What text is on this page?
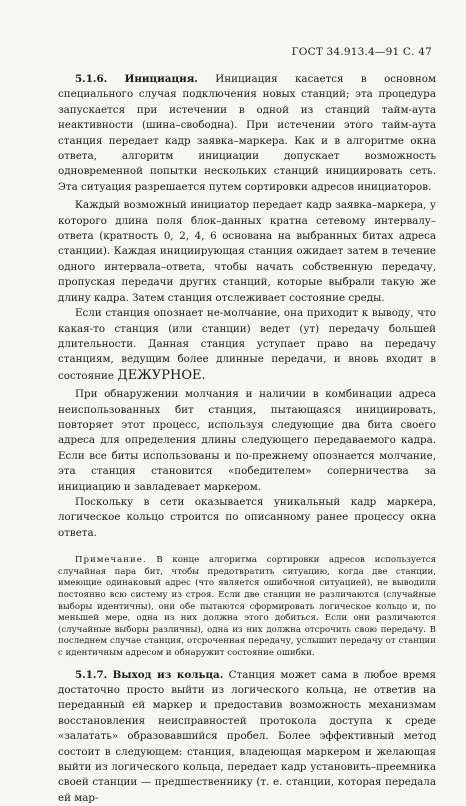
ГОСТ 34.913.4—91 С. 47

5.1.6. Инициация. Инициация касается в основном специального случая подключения новых станций; эта процедура запускается при истечении в одной из станций тайм-аута неактивности (шина–свободна). При истечении этого тайм-аута станция передает кадр заявка–маркера. Как и в алгоритме окна ответа, алгоритм инициации допускает возможность одновременной попытки нескольких станций инициировать сеть. Эта ситуация разрешается путем сортировки адресов инициаторов.

Каждый возможный инициатор передает кадр заявка–маркера, у которого длина поля блок–данных кратна сетевому интервалу–ответа (кратность 0, 2, 4, 6 основана на выбранных битах адреса станции). Каждая инициирующая станция ожидает затем в течение одного интервала–ответа, чтобы начать собственную передачу, пропуская передачи других станций, которые выбрали такую же длину кадра. Затем станция отслеживает состояние среды.

Если станция опознает не-молчание, она приходит к выводу, что какая-то станция (или станции) ведет (ут) передачу большей длительности. Данная станция уступает право на передачу станциям, ведущим более длинные передачи, и вновь входит в состояние ДЕЖУРНОЕ.

При обнаружении молчания и наличии в комбинации адреса неиспользованных бит станция, пытающаяся инициировать, повторяет этот процесс, используя следующие два бита своего адреса для определения длины следующего передаваемого кадра. Если все биты использованы и по-прежнему опознается молчание, эта станция становится «победителем» соперничества за инициацию и завладевает маркером.

Поскольку в сети оказывается уникальный кадр маркера, логическое кольцо строится по описанному ранее процессу окна ответа.

Примечание. В конце алгоритма сортировки адресов используется случайная пара бит, чтобы предотвратить ситуацию, когда две станции, имеющие одинаковый адрес (что является ошибочной ситуацией), не выводили постоянно всю систему из строя. Если две станции не различаются (случайные выборы идентичны), они обе пытаются сформировать логическое кольцо и, по меньшей мере, одна из них должна этого добиться. Если они различаются (случайные выборы различны), одна из них должна отсрочить свою передачу. В последнем случае станция, отсроченная передачу, услышит передачу от станции с идентичным адресом и обнаружит состояние ошибки.

5.1.7. Выход из кольца. Станция может сама в любое время достаточно просто выйти из логического кольца, не ответив на переданный ей маркер и предоставив возможность механизмам восстановления неисправностей протокола доступа к среде «залатать» образовавшийся пробел. Более эффективный метод состоит в следующем: станция, владеющая маркером и желающая выйти из логического кольца, передает кадр установить–преемника своей станции — предшественнику (т. е. станции, которая передала ей мар-
